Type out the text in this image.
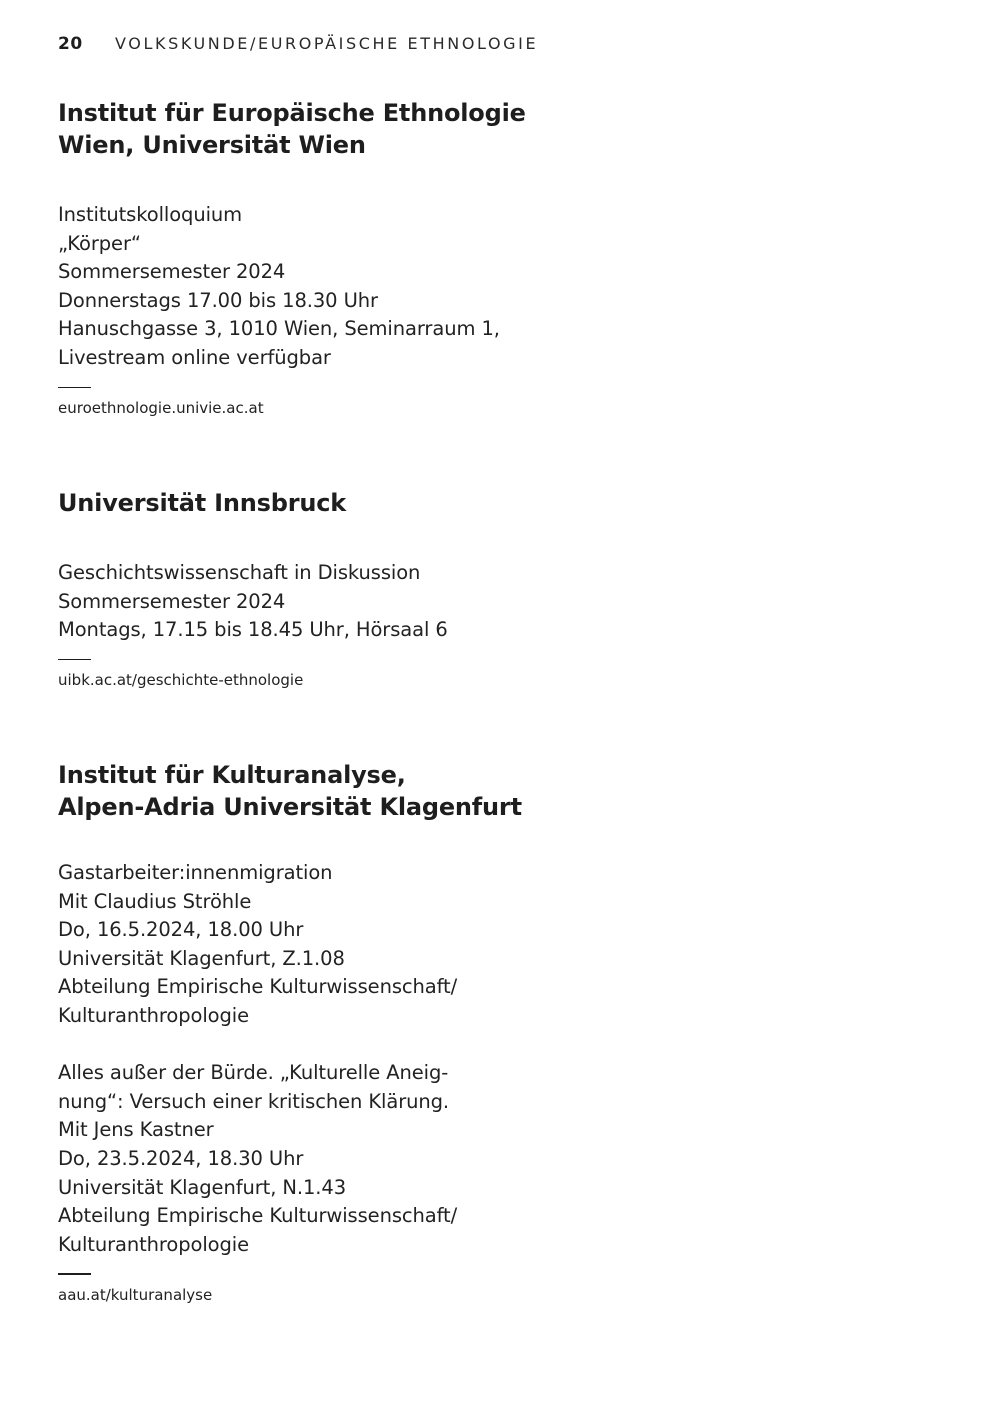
20	VOLKSKUNDE/EUROPÄISCHE ETHNOLOGIE
Institut für Europäische Ethnologie
Wien, Universität Wien
Institutskolloquium
„Körper“
Sommersemester 2024
Donnerstags 17.00 bis 18.30 Uhr
Hanuschgasse 3, 1010 Wien, Seminarraum 1,
Livestream online verfügbar
euroethnologie.univie.ac.at
Universität Innsbruck
Geschichtswissenschaft in Diskussion
Sommersemester 2024
Montags, 17.15 bis 18.45 Uhr, Hörsaal 6
uibk.ac.at/geschichte-ethnologie
Institut für Kulturanalyse,
Alpen-Adria Universität Klagenfurt
Gastarbeiter:innenmigration
Mit Claudius Ströhle
Do, 16.5.2024, 18.00 Uhr
Universität Klagenfurt, Z.1.08
Abteilung Empirische Kulturwissenschaft/
Kulturanthropologie
Alles außer der Bürde. „Kulturelle Aneig-
nung“: Versuch einer kritischen Klärung.
Mit Jens Kastner
Do, 23.5.2024, 18.30 Uhr
Universität Klagenfurt, N.1.43
Abteilung Empirische Kulturwissenschaft/
Kulturanthropologie
aau.at/kulturanalyse
